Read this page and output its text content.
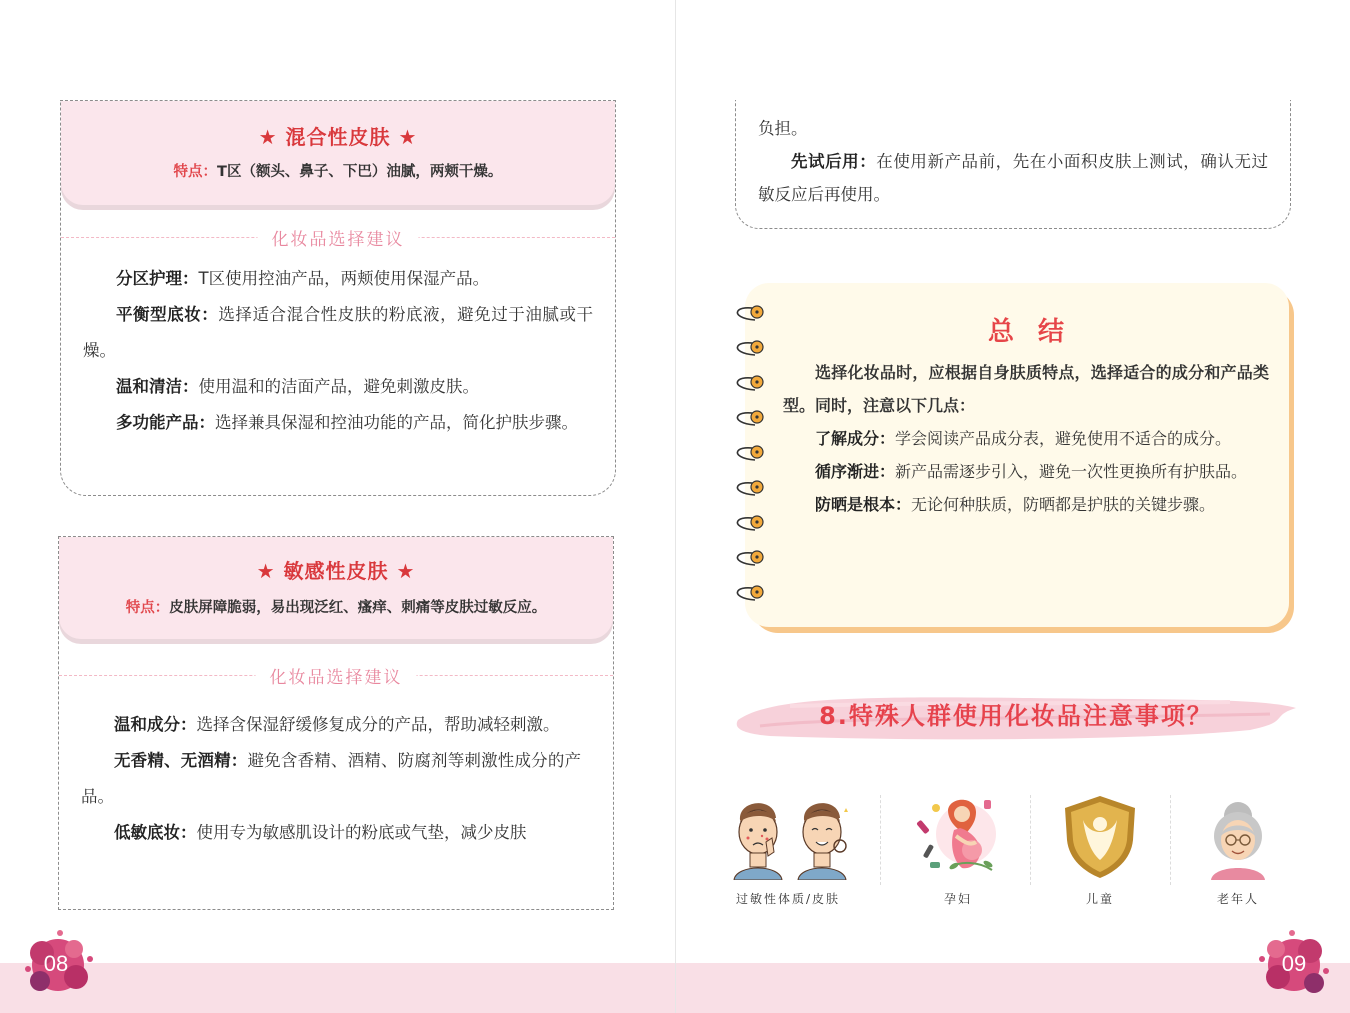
★ 混合性皮肤 ★
特点：T区（额头、鼻子、下巴）油腻，两颊干燥。
化妆品选择建议

分区护理：T区使用控油产品，两颊使用保湿产品。

平衡型底妆：选择适合混合性皮肤的粉底液，避免过于油腻或干燥。

温和清洁：使用温和的洁面产品，避免刺激皮肤。

多功能产品：选择兼具保湿和控油功能的产品，简化护肤步骤。

★ 敏感性皮肤 ★
特点：皮肤屏障脆弱，易出现泛红、瘙痒、刺痛等皮肤过敏反应。
化妆品选择建议

温和成分：选择含保湿舒缓修复成分的产品，帮助减轻刺激。

无香精、无酒精：避免含香精、酒精、防腐剂等刺激性成分的产品。

低敏底妆：使用专为敏感肌设计的粉底或气垫，减少皮肤

08	09

负担。

先试后用：在使用新产品前，先在小面积皮肤上测试，确认无过敏反应后再使用。

总结

选择化妆品时，应根据自身肤质特点，选择适合的成分和产品类型。同时，注意以下几点：

了解成分：学会阅读产品成分表，避免使用不适合的成分。

循序渐进：新产品需逐步引入，避免一次性更换所有护肤品。

防晒是根本：无论何种肤质，防晒都是护肤的关键步骤。

8.特殊人群使用化妆品注意事项？
过敏性体质/皮肤	孕妇	儿童	老年人
